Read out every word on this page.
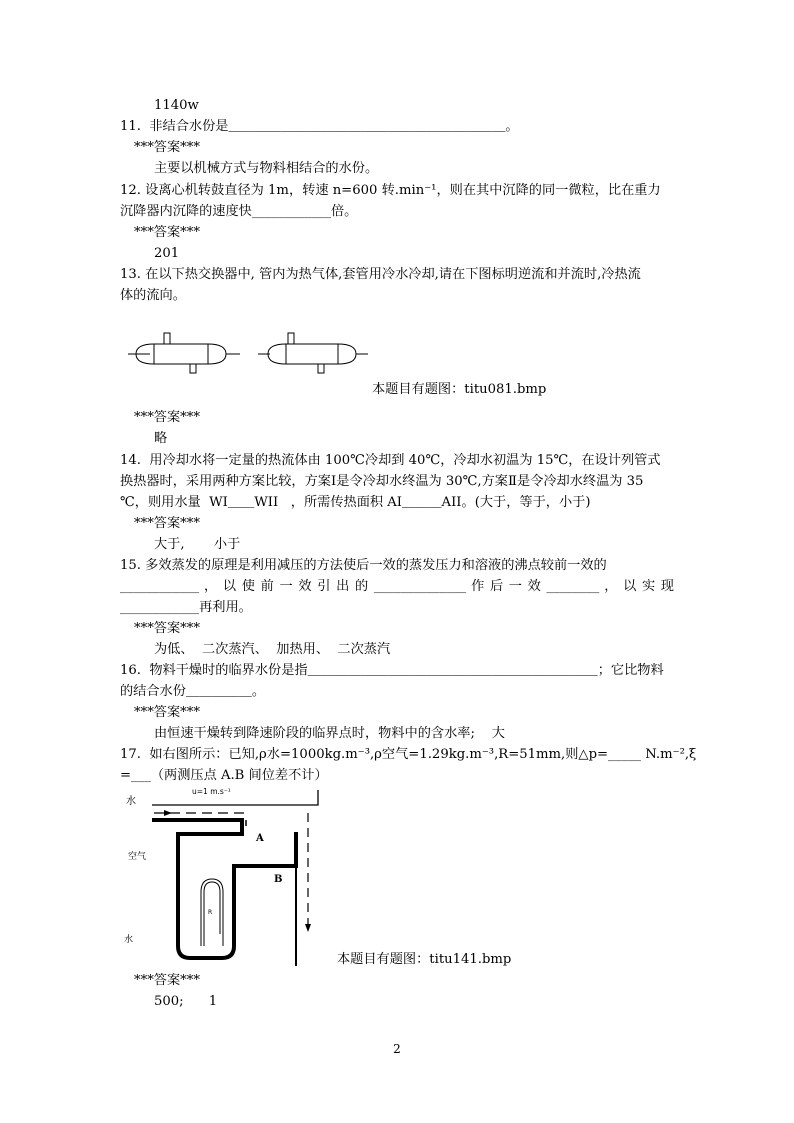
1140w
11.  非结合水份是＿＿＿＿＿＿＿＿＿＿＿＿＿＿＿＿＿＿＿＿＿。
***答案***
主要以机械方式与物料相结合的水份。
12. 设离心机转鼓直径为 1m，转速 n=600 转.min⁻¹，则在其中沉降的同一微粒，比在重力
沉降器内沉降的速度快____________倍。
***答案***
201
13. 在以下热交换器中, 管内为热气体,套管用冷水冷却,请在下图标明逆流和并流时,冷热流
体的流向。
本题目有题图：titu081.bmp
***答案***
略
14.  用冷却水将一定量的热流体由 100℃冷却到 40℃，冷却水初温为 15℃，在设计列管式
换热器时，采用两种方案比较，方案Ⅰ是令冷却水终温为 30℃,方案Ⅱ是令冷却水终温为 35
℃，则用水量  WI＿＿WII   ，所需传热面积 AI＿＿＿AII。(大于，等于，小于)
***答案***
大于,       小于
15. 多效蒸发的原理是利用减压的方法使后一效的蒸发压力和溶液的沸点较前一效的
____________ ， 以 使 前 一 效 引 出 的 ______________ 作 后 一 效 ________ ， 以 实 现
____________再利用。
***答案***
为低、  二次蒸汽、  加热用、  二次蒸汽
16.  物料干燥时的临界水份是指＿＿＿＿＿＿＿＿＿＿＿＿＿＿＿＿＿＿＿＿＿＿；它比物料
的结合水份＿＿＿＿＿。
***答案***
由恒速干燥转到降速阶段的临界点时，物料中的含水率;    大
17.  如右图所示：已知,ρ水=1000kg.m⁻³,ρ空气=1.29kg.m⁻³,R=51mm,则△p=_____ N.m⁻²,ξ
=___（两测压点 A.B 间位差不计）
水
u=1 m.s⁻¹
A
B
空气
水
R
本题目有题图：titu141.bmp
***答案***
500;      1
2
